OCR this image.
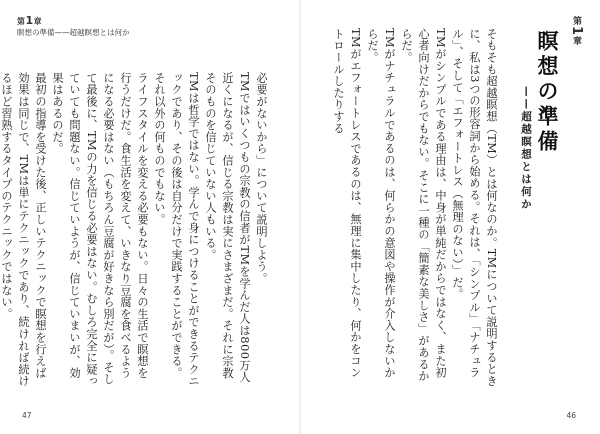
第1章
瞑想の準備——超越瞑想とは何か

必要がないから」について説明しよう。

TMではいくつもの宗教の信者がTMを学んだ人は800万人近くになるが、信じる宗教は実にさまざまだ。それに宗教そのものを信じていない人もいる。

TMは哲学ではない。学んで身につけることができるテクニックであり、その後は自分だけで実践することができる。それ以外の何ものでもない。

ライフスタイルを変える必要もない。日々の生活で瞑想を行うだけだ。食生活を変えて、いきなり豆腐を食べるようになる必要はない（もちろん豆腐が好きなら別だが）。そして最後に、TMの力を信じる必要はない。むしろ完全に疑っていても問題ない。信じていようが、信じていまいが、効果はあるのだ。

最初の指導を受けた後、正しいテクニックで瞑想を行えば効果は同じで、TMは単にテクニックであり、続ければ続けるほど習熟するタイプのテクニックではない。

47

そもそも超越瞑想（TM）とは何なのか。TMについて説明するときに、私は3つの形容詞から始める。それは、「シンプル」「ナチュラル」、そして「エフォートレス（無理のない）」だ。

TMがシンプルである理由は、中身が単純だからではなく、また初心者向けだからでもない。そこに一種の「簡素な美しさ」があるからだ。

TMがナチュラルであるのは、何らかの意図や操作が介入しないからだ。

TMがエフォートレスであるのは、無理に集中したり、何かをコントロールしたりする

第1章
瞑想の準備
——超越瞑想とは何か
46
